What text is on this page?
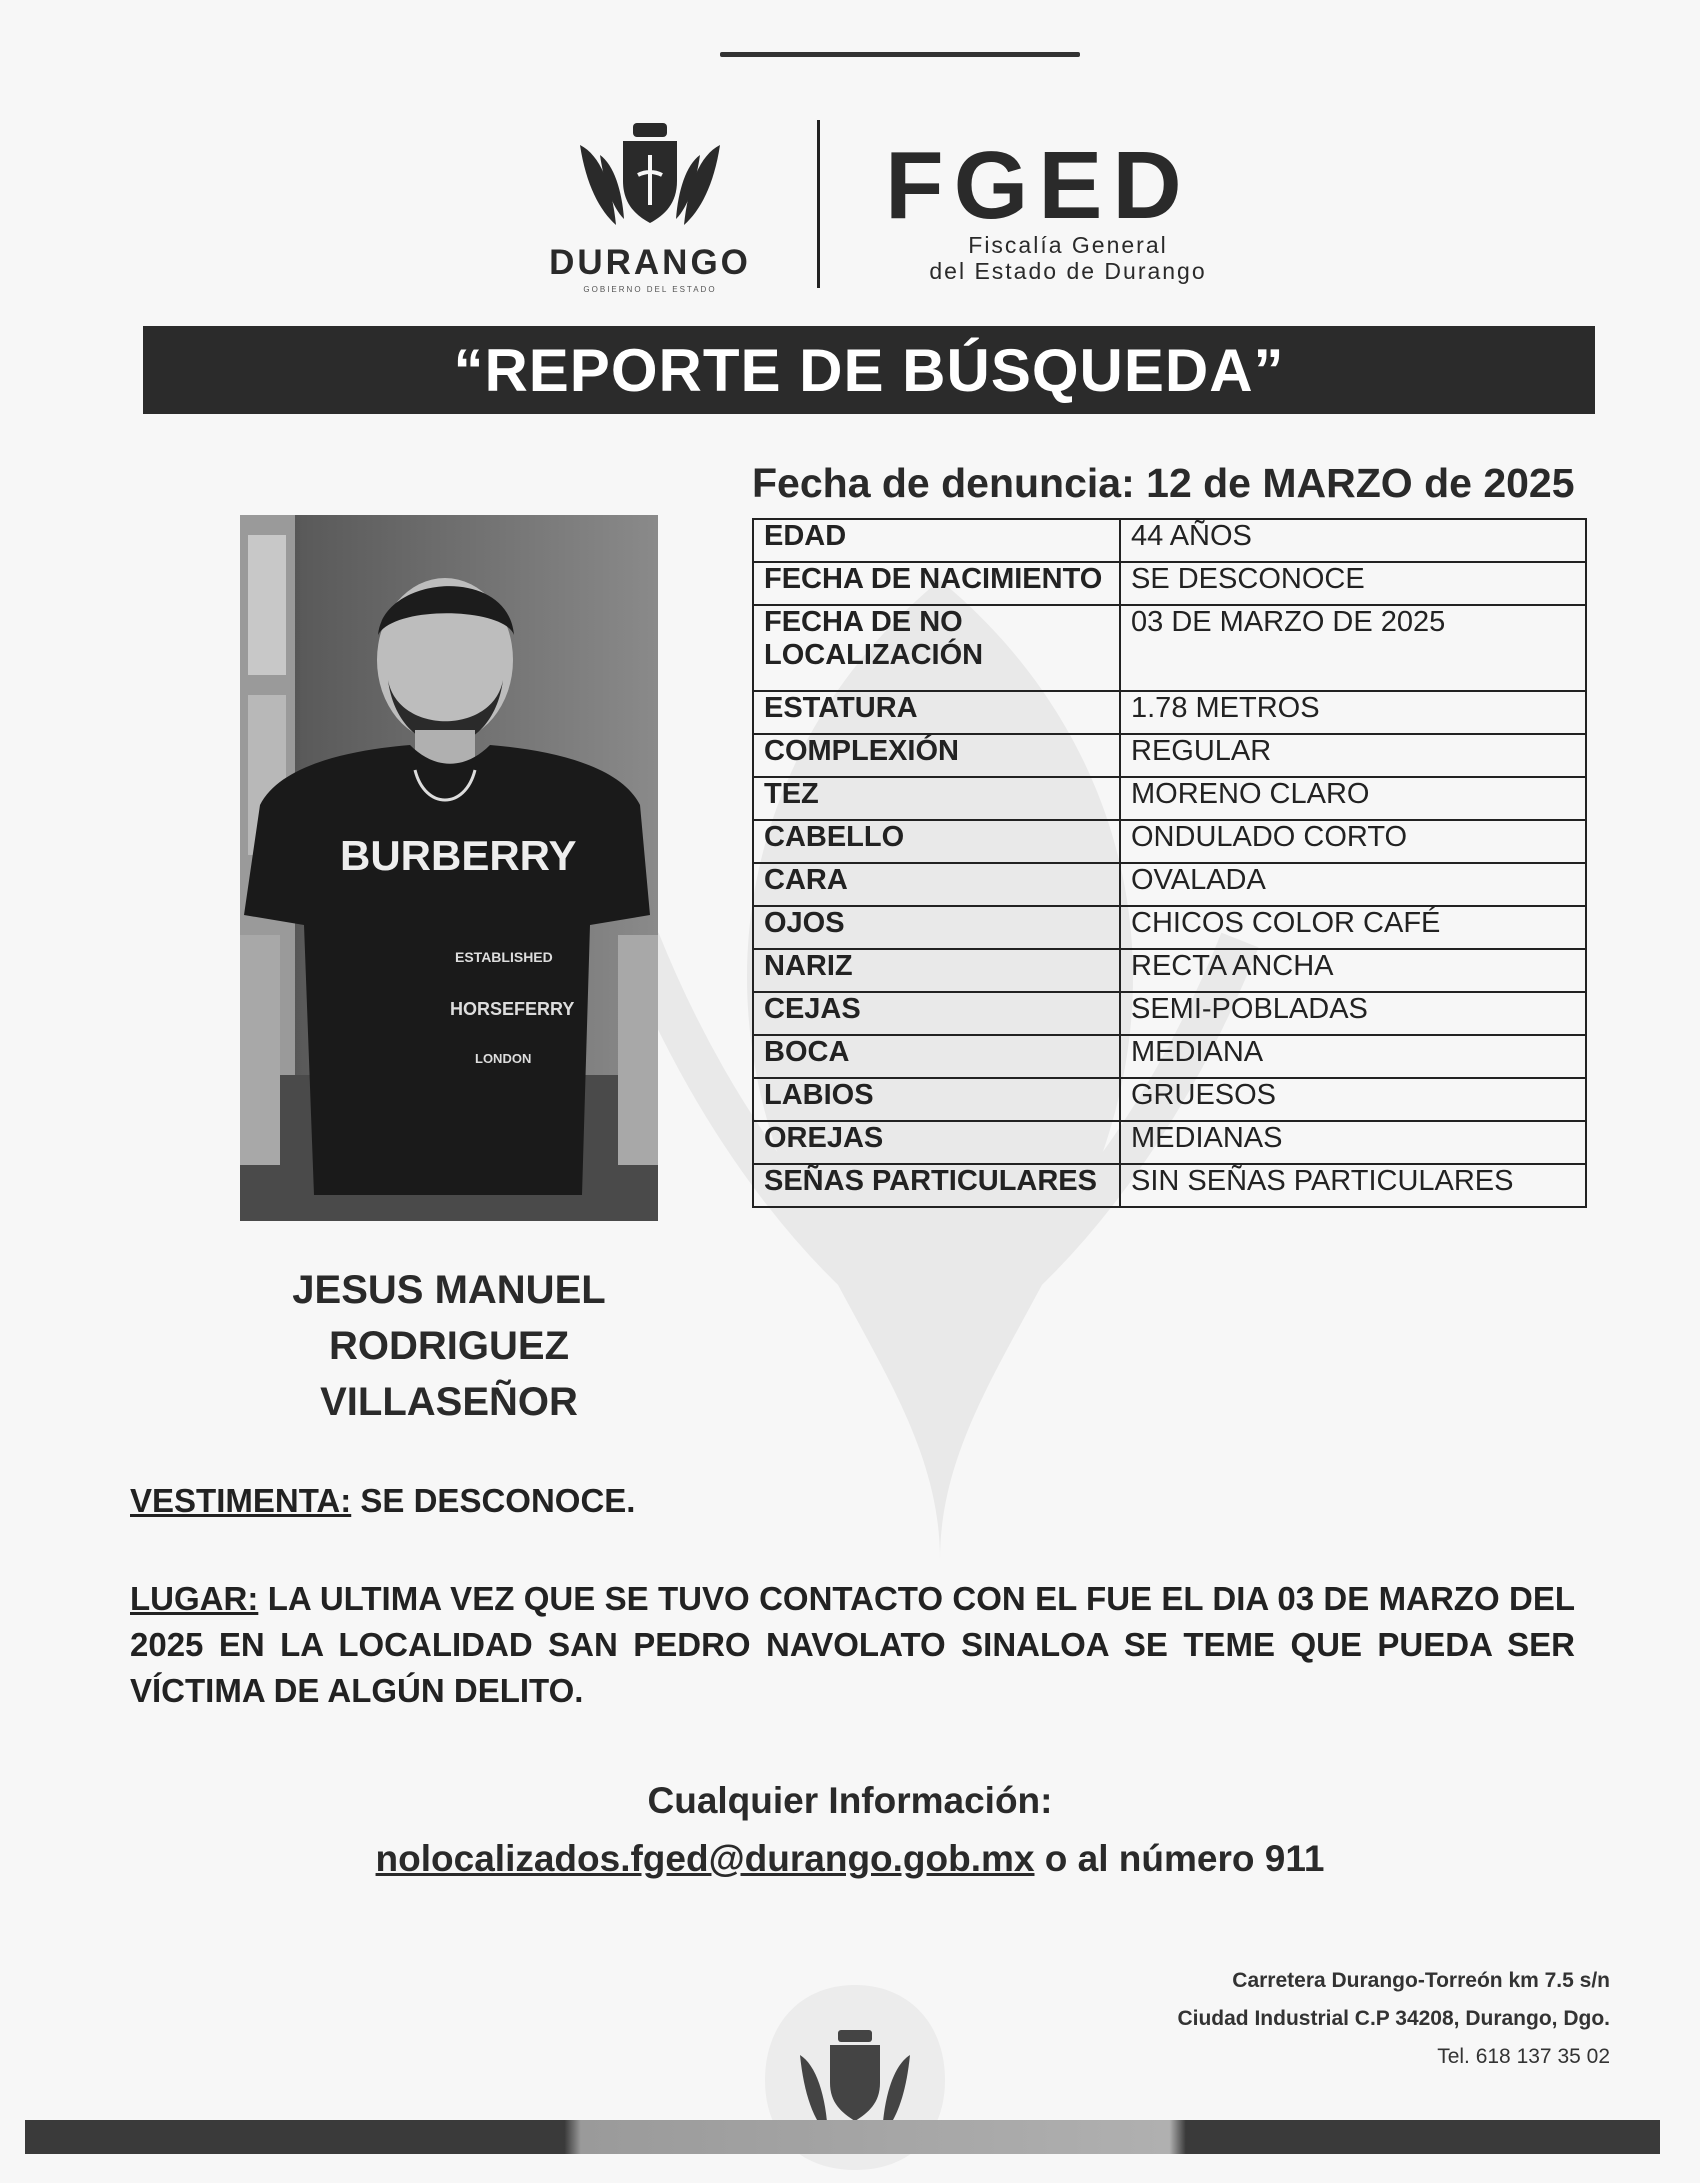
DURANGO
GOBIERNO DEL ESTADO
FGED
Fiscalía General
del Estado de Durango
“REPORTE DE BÚSQUEDA”
Fecha de denuncia: 12 de MARZO de 2025
BURBERRY
ESTABLISHED
HORSEFERRY
LONDON
EDAD	44 AÑOS
FECHA DE NACIMIENTO	SE DESCONOCE
FECHA DE NO LOCALIZACIÓN	03 DE MARZO DE 2025
ESTATURA	1.78 METROS
COMPLEXIÓN	REGULAR
TEZ	MORENO CLARO
CABELLO	ONDULADO CORTO
CARA	OVALADA
OJOS	CHICOS COLOR CAFÉ
NARIZ	RECTA ANCHA
CEJAS	SEMI-POBLADAS
BOCA	MEDIANA
LABIOS	GRUESOS
OREJAS	MEDIANAS
SEÑAS PARTICULARES	SIN SEÑAS PARTICULARES
JESUS MANUEL
RODRIGUEZ
VILLASEÑOR
VESTIMENTA: SE DESCONOCE.
LUGAR: LA ULTIMA VEZ QUE SE TUVO CONTACTO CON EL FUE EL DIA 03 DE MARZO DEL 2025 EN LA LOCALIDAD SAN PEDRO NAVOLATO SINALOA SE TEME QUE PUEDA SER VÍCTIMA DE ALGÚN DELITO.
Cualquier Información:
nolocalizados.fged@durango.gob.mx o al número 911
Carretera Durango-Torreón km 7.5 s/n
Ciudad Industrial C.P 34208, Durango, Dgo.
Tel. 618 137 35 02
